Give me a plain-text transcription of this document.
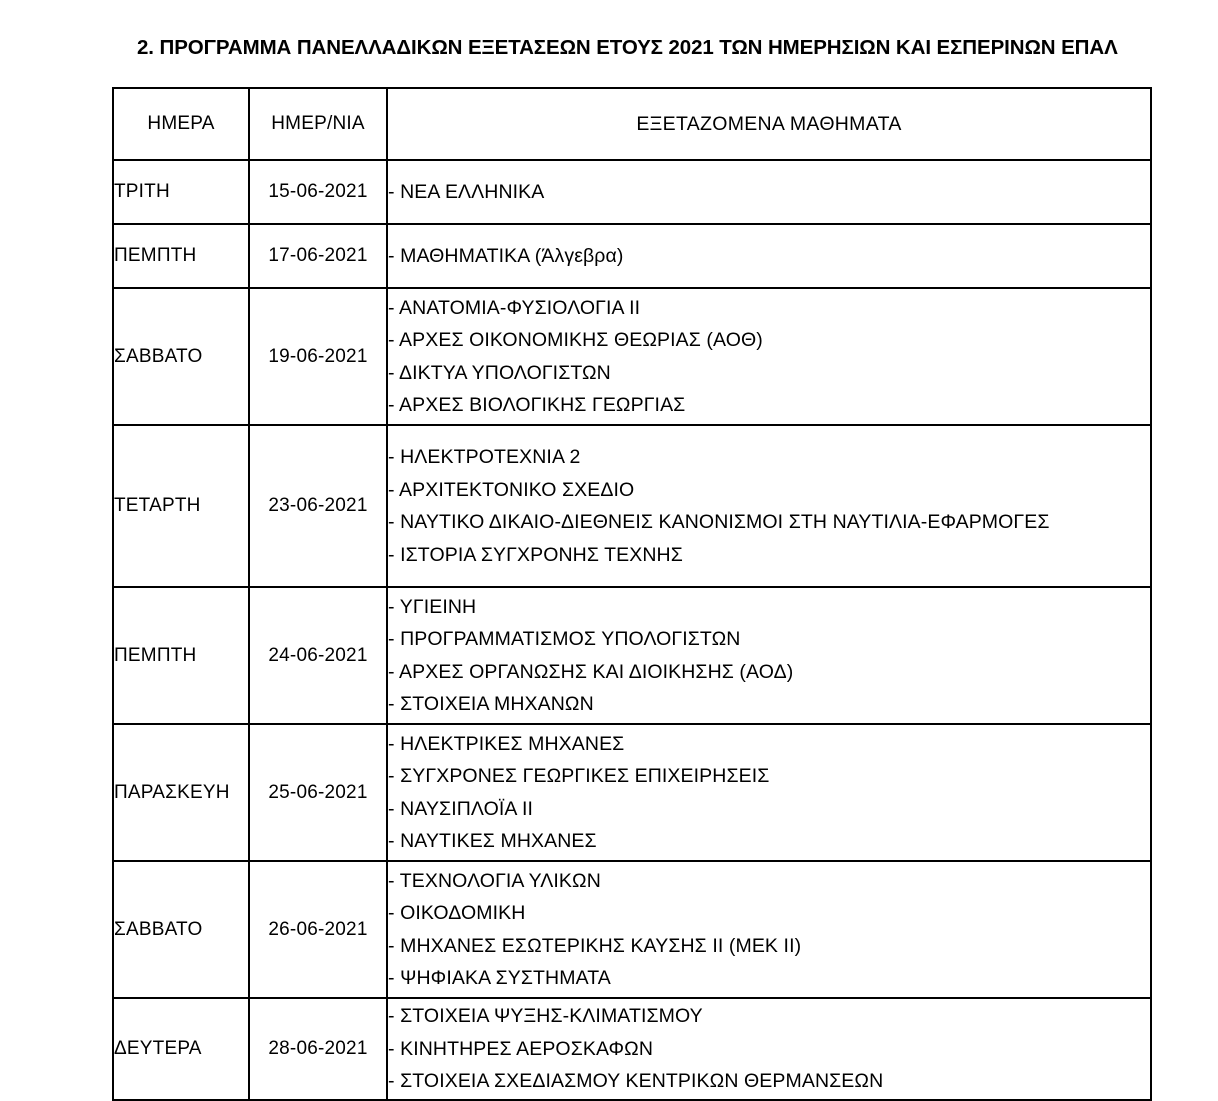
2. ΠΡΟΓΡΑΜΜΑ ΠΑΝΕΛΛΑΔΙΚΩΝ ΕΞΕΤΑΣΕΩΝ ΕΤΟΥΣ 2021 ΤΩΝ ΗΜΕΡΗΣΙΩΝ ΚΑΙ ΕΣΠΕΡΙΝΩΝ ΕΠΑΛ
ΗΜΕΡΑ	ΗΜΕΡ/ΝΙΑ	ΕΞΕΤΑΖΟΜΕΝΑ ΜΑΘΗΜΑΤΑ
ΤΡΙΤΗ	15-06-2021	- ΝΕΑ ΕΛΛΗΝΙΚΑ

ΠΕΜΠΤΗ	17-06-2021	- ΜΑΘΗΜΑΤΙΚΑ (Άλγεβρα)

ΣΑΒΒΑΤΟ	19-06-2021	- ΑΝΑΤΟΜΙΑ-ΦΥΣΙΟΛΟΓΙΑ ΙΙ
- ΑΡΧΕΣ ΟΙΚΟΝΟΜΙΚΗΣ ΘΕΩΡΙΑΣ (ΑΟΘ)
- ΔΙΚΤΥΑ ΥΠΟΛΟΓΙΣΤΩΝ
- ΑΡΧΕΣ ΒΙΟΛΟΓΙΚΗΣ ΓΕΩΡΓΙΑΣ

ΤΕΤΑΡΤΗ	23-06-2021	- ΗΛΕΚΤΡΟΤΕΧΝΙΑ 2
- ΑΡΧΙΤΕΚΤΟΝΙΚΟ ΣΧΕΔΙΟ
- ΝΑΥΤΙΚΟ ΔΙΚΑΙΟ-ΔΙΕΘΝΕΙΣ ΚΑΝΟΝΙΣΜΟΙ ΣΤΗ ΝΑΥΤΙΛΙΑ-ΕΦΑΡΜΟΓΕΣ
- ΙΣΤΟΡΙΑ ΣΥΓΧΡΟΝΗΣ ΤΕΧΝΗΣ

ΠΕΜΠΤΗ	24-06-2021	- ΥΓΙΕΙΝΗ
- ΠΡΟΓΡΑΜΜΑΤΙΣΜΟΣ ΥΠΟΛΟΓΙΣΤΩΝ
- ΑΡΧΕΣ ΟΡΓΑΝΩΣΗΣ ΚΑΙ ΔΙΟΙΚΗΣΗΣ (ΑΟΔ)
- ΣΤΟΙΧΕΙΑ ΜΗΧΑΝΩΝ

ΠΑΡΑΣΚΕΥΗ	25-06-2021	- ΗΛΕΚΤΡΙΚΕΣ ΜΗΧΑΝΕΣ
- ΣΥΓΧΡΟΝΕΣ ΓΕΩΡΓΙΚΕΣ ΕΠΙΧΕΙΡΗΣΕΙΣ
- ΝΑΥΣΙΠΛΟΪΑ ΙΙ
- ΝΑΥΤΙΚΕΣ ΜΗΧΑΝΕΣ

ΣΑΒΒΑΤΟ	26-06-2021	- ΤΕΧΝΟΛΟΓΙΑ ΥΛΙΚΩΝ
- ΟΙΚΟΔΟΜΙΚΗ
- ΜΗΧΑΝΕΣ ΕΣΩΤΕΡΙΚΗΣ ΚΑΥΣΗΣ ΙΙ (ΜΕΚ ΙΙ)
- ΨΗΦΙΑΚΑ ΣΥΣΤΗΜΑΤΑ

ΔΕΥΤΕΡΑ	28-06-2021	- ΣΤΟΙΧΕΙΑ ΨΥΞΗΣ-ΚΛΙΜΑΤΙΣΜΟΥ
- ΚΙΝΗΤΗΡΕΣ ΑΕΡΟΣΚΑΦΩΝ
- ΣΤΟΙΧΕΙΑ ΣΧΕΔΙΑΣΜΟΥ ΚΕΝΤΡΙΚΩΝ ΘΕΡΜΑΝΣΕΩΝ
